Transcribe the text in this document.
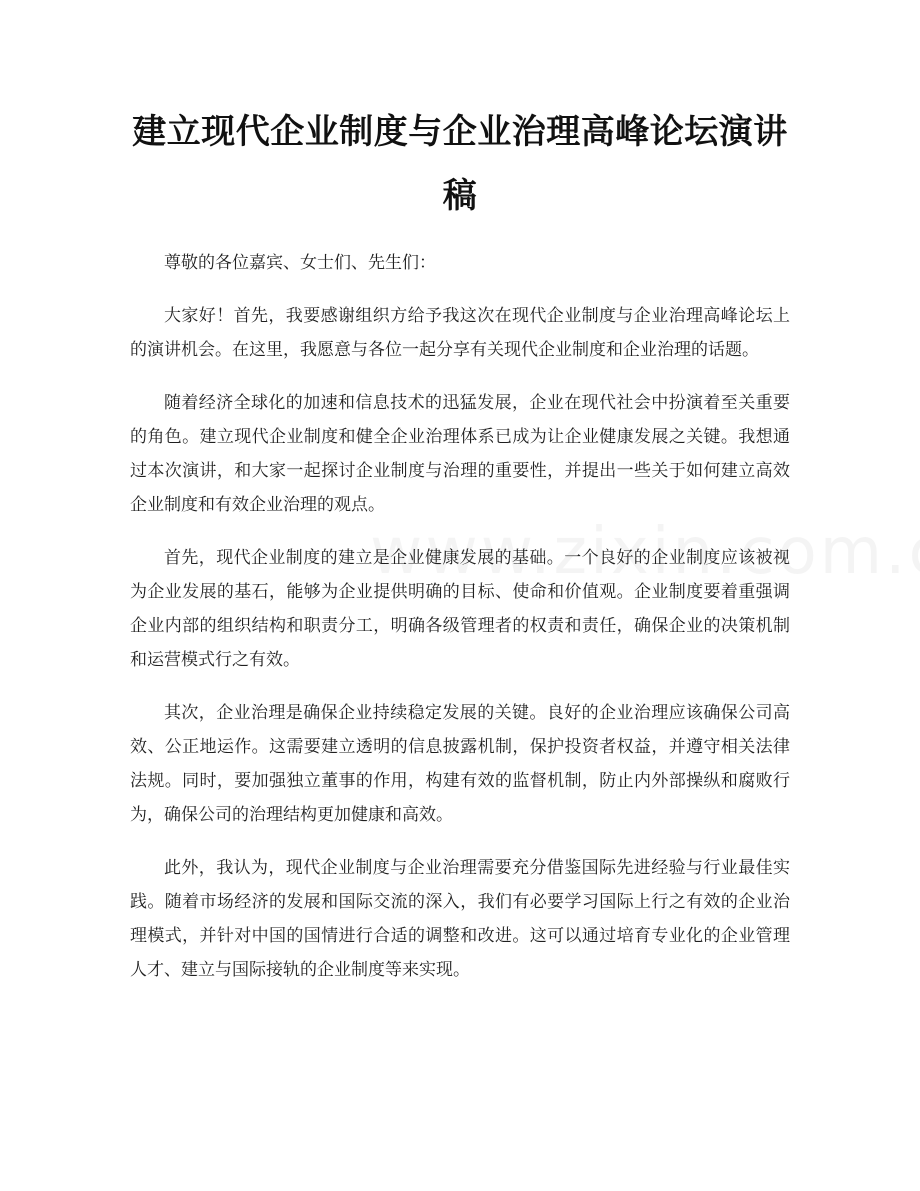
建立现代企业制度与企业治理高峰论坛演讲稿

尊敬的各位嘉宾、女士们、先生们：

大家好！首先，我要感谢组织方给予我这次在现代企业制度与企业治理高峰论坛上的演讲机会。在这里，我愿意与各位一起分享有关现代企业制度和企业治理的话题。

随着经济全球化的加速和信息技术的迅猛发展，企业在现代社会中扮演着至关重要的角色。建立现代企业制度和健全企业治理体系已成为让企业健康发展之关键。我想通过本次演讲，和大家一起探讨企业制度与治理的重要性，并提出一些关于如何建立高效企业制度和有效企业治理的观点。

首先，现代企业制度的建立是企业健康发展的基础。一个良好的企业制度应该被视为企业发展的基石，能够为企业提供明确的目标、使命和价值观。企业制度要着重强调企业内部的组织结构和职责分工，明确各级管理者的权责和责任，确保企业的决策机制和运营模式行之有效。

其次，企业治理是确保企业持续稳定发展的关键。良好的企业治理应该确保公司高效、公正地运作。这需要建立透明的信息披露机制，保护投资者权益，并遵守相关法律法规。同时，要加强独立董事的作用，构建有效的监督机制，防止内外部操纵和腐败行为，确保公司的治理结构更加健康和高效。

此外，我认为，现代企业制度与企业治理需要充分借鉴国际先进经验与行业最佳实践。随着市场经济的发展和国际交流的深入，我们有必要学习国际上行之有效的企业治理模式，并针对中国的国情进行合适的调整和改进。这可以通过培育专业化的企业管理人才、建立与国际接轨的企业制度等来实现。
